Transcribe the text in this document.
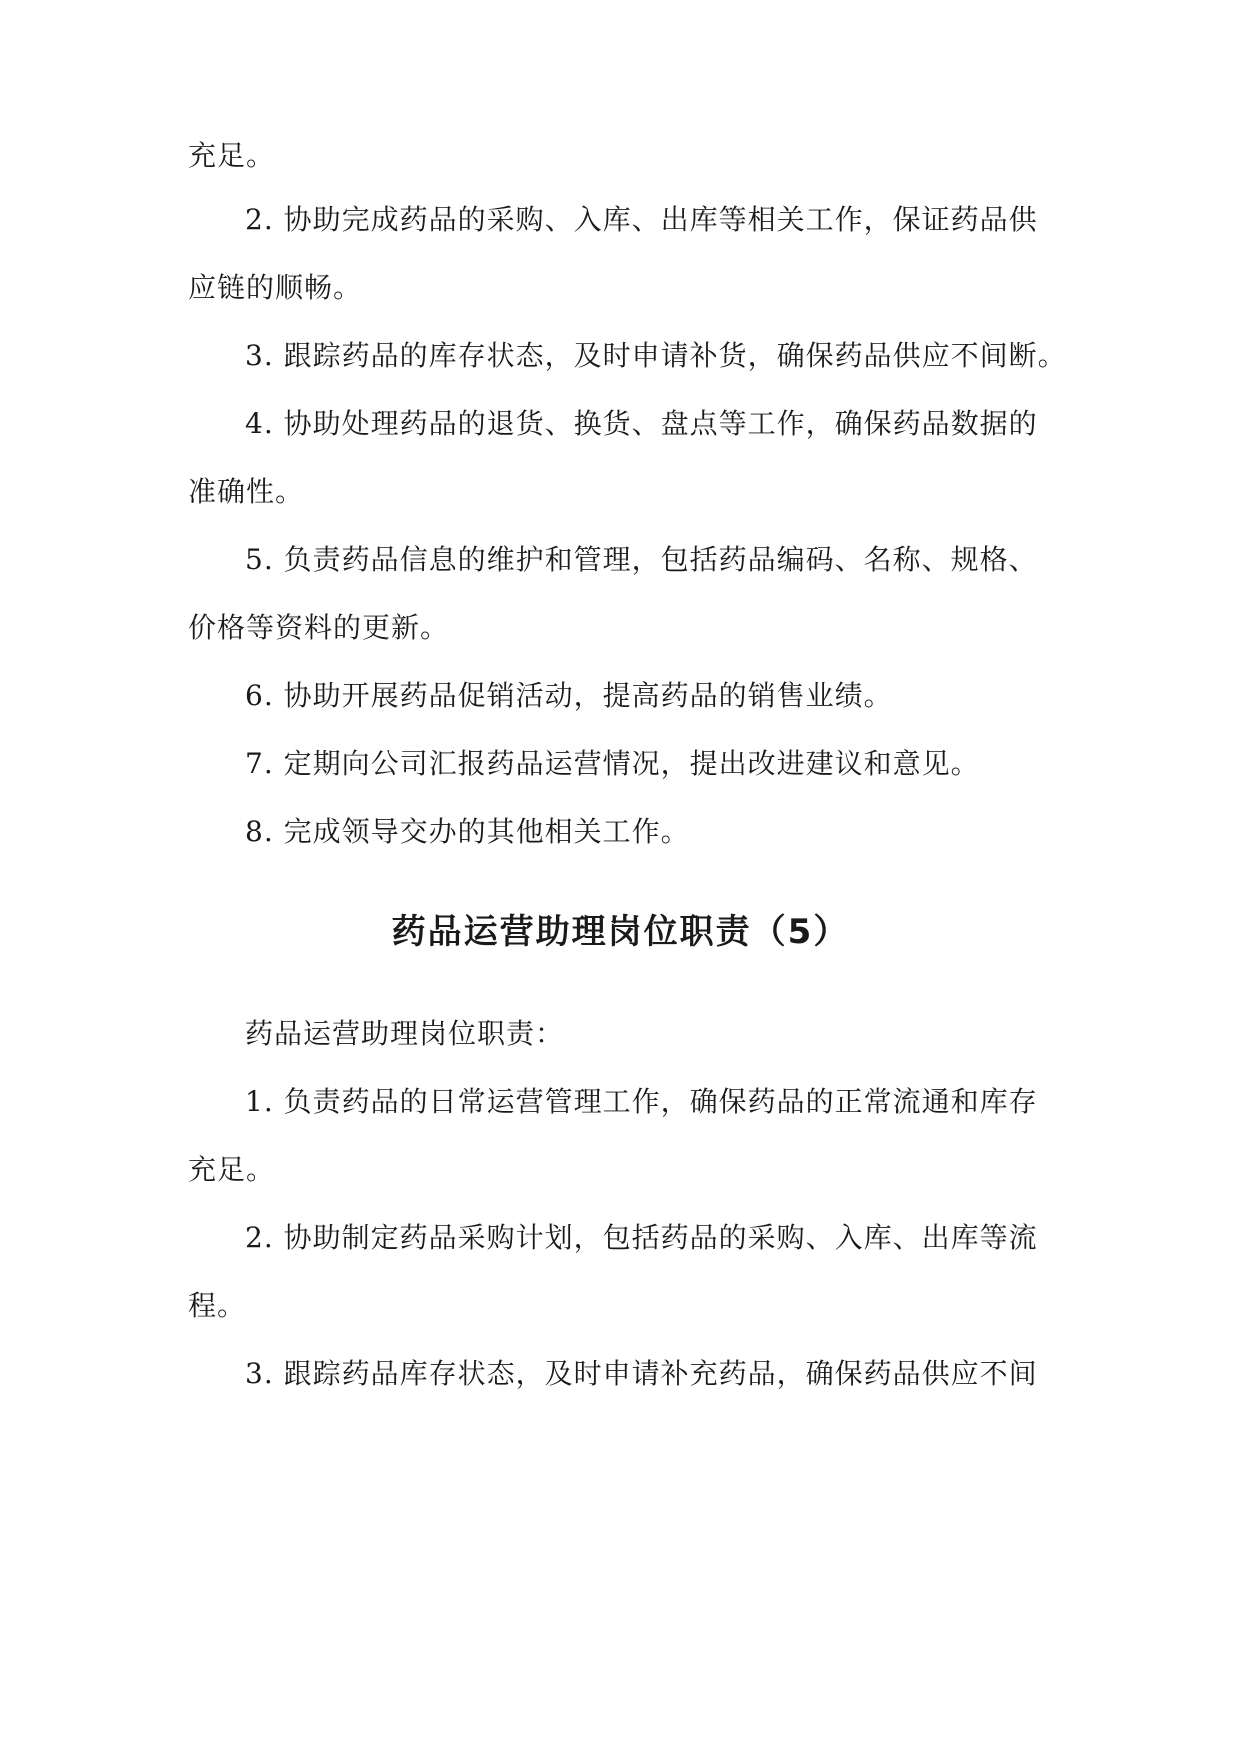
充足。
2. 协助完成药品的采购、入库、出库等相关工作，保证药品供
应链的顺畅。
3. 跟踪药品的库存状态，及时申请补货，确保药品供应不间断。
4. 协助处理药品的退货、换货、盘点等工作，确保药品数据的
准确性。
5. 负责药品信息的维护和管理，包括药品编码、名称、规格、
价格等资料的更新。
6. 协助开展药品促销活动，提高药品的销售业绩。
7. 定期向公司汇报药品运营情况，提出改进建议和意见。
8. 完成领导交办的其他相关工作。
药品运营助理岗位职责（5）
药品运营助理岗位职责：
1. 负责药品的日常运营管理工作，确保药品的正常流通和库存
充足。
2. 协助制定药品采购计划，包括药品的采购、入库、出库等流
程。
3. 跟踪药品库存状态，及时申请补充药品，确保药品供应不间
